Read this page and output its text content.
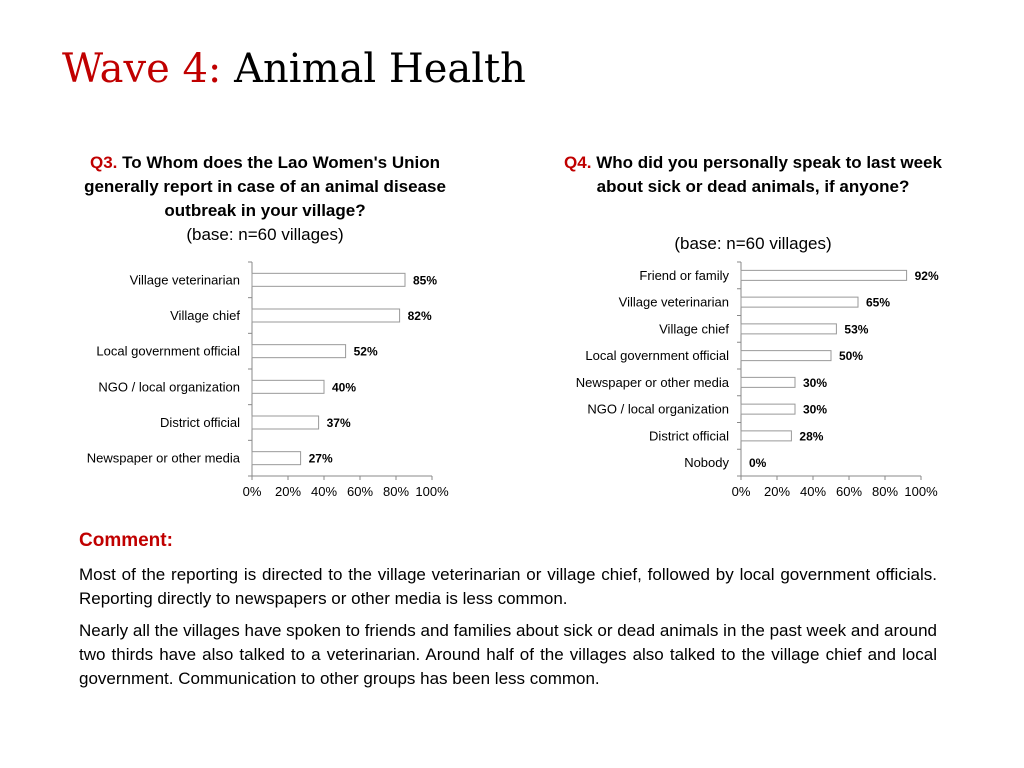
Wave 4: Animal Health

Q3. To Whom does the Lao Women's Union generally report in case of an animal disease outbreak in your village?

(base: n=60 villages)

Q4. Who did you personally speak to last week about sick or dead animals, if anyone?

(base: n=60 villages)

0% 20% 40% 60% 80% 100%
Village veterinarian	85%
Village chief	82%
Local government official	52%
NGO / local organization	40%
District official	37%
Newspaper or other media	27%
0% 20% 40% 60% 80% 100%
Friend or family	92%
Village veterinarian	65%
Village chief	53%
Local government official	50%
Newspaper or other media	30%
NGO / local organization	30%
District official	28%
Nobody 0%

Comment:

Most of the reporting is directed to the village veterinarian or village chief, followed by local government officials. Reporting directly to newspapers or other media is less common.

Nearly all the villages have spoken to friends and families about sick or dead animals in the past week and around two thirds have also talked to a veterinarian. Around half of the villages also talked to the village chief and local government. Communication to other groups has been less common.
